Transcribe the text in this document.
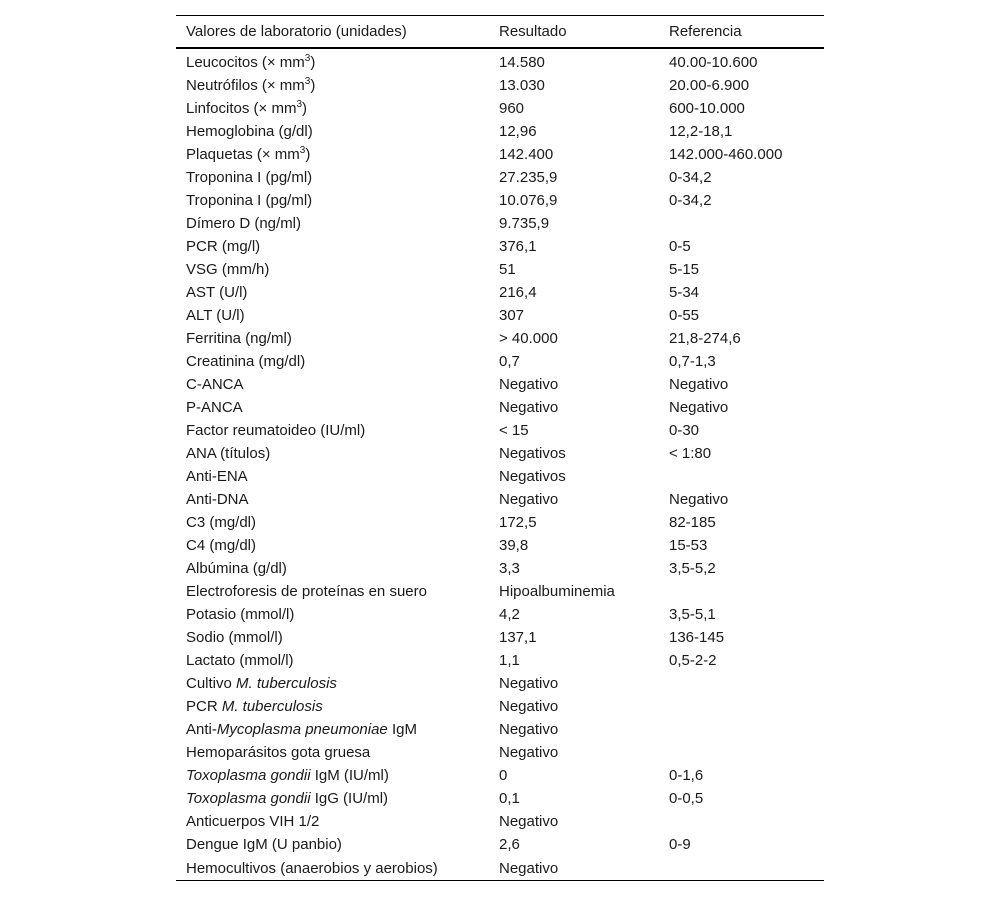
Valores de laboratorio (unidades)	Resultado	Referencia
Leucocitos (× $mm^3$)	14.580	40.00-10.600
Neutrófilos (× $mm^3$)	13.030	20.00-6.900
Linfocitos (× $mm^3$)	960	600-10.000
Hemoglobina (g/dl)	12,96	12,2-18,1
Plaquetas (× $mm^3$)	142.400	142.000-460.000
Troponina I (pg/ml)	27.235,9	0-34,2
Troponina I (pg/ml)	10.076,9	0-34,2
Dímero D (ng/ml)	9.735,9	
PCR (mg/l)	376,1	0-5
VSG (mm/h)	51	5-15
AST (U/l)	216,4	5-34
ALT (U/l)	307	0-55
Ferritina (ng/ml)	> 40.000	21,8-274,6
Creatinina (mg/dl)	0,7	0,7-1,3
C-ANCA	Negativo	Negativo
P-ANCA	Negativo	Negativo
Factor reumatoideo (IU/ml)	< 15	0-30
ANA (títulos)	Negativos	< 1:80
Anti-ENA	Negativos	
Anti-DNA	Negativo	Negativo
C3 (mg/dl)	172,5	82-185
C4 (mg/dl)	39,8	15-53
Albúmina (g/dl)	3,3	3,5-5,2
Electroforesis de proteínas en suero	Hipoalbuminemia	
Potasio (mmol/l)	4,2	3,5-5,1
Sodio (mmol/l)	137,1	136-145
Lactato (mmol/l)	1,1	0,5-2-2
Cultivo M. tuberculosis	Negativo	
PCR M. tuberculosis	Negativo	
Anti-Mycoplasma pneumoniae IgM	Negativo	
Hemoparásitos gota gruesa	Negativo	
Toxoplasma gondii IgM (IU/ml)	0	0-1,6
Toxoplasma gondii IgG (IU/ml)	0,1	0-0,5
Anticuerpos VIH 1/2	Negativo	
Dengue IgM (U panbio)	2,6	0-9
Hemocultivos (anaerobios y aerobios)	Negativo	
